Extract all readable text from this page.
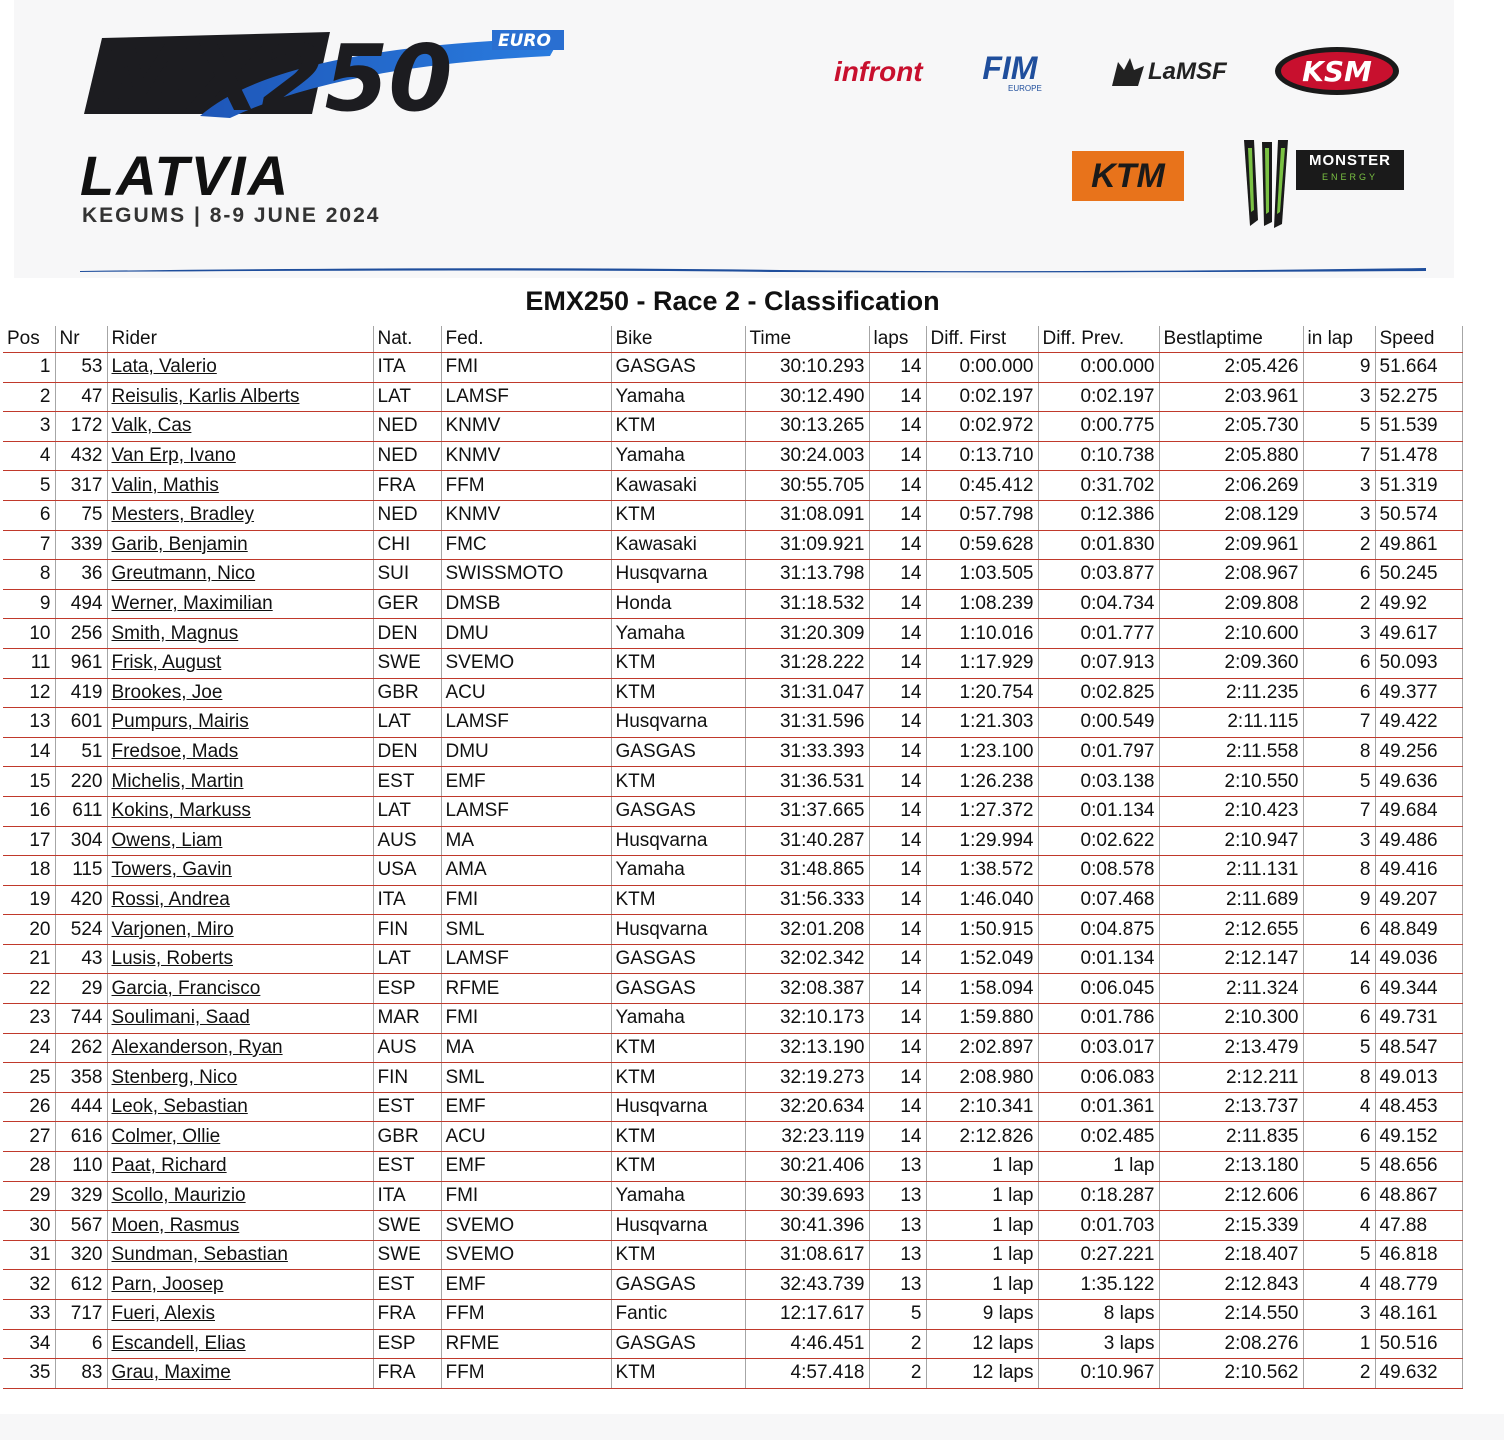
MX250	EURO
LATVIA
KEGUMS | 8-9 JUNE 2024
infront FIM
EUROPE
LaMSF	KSM
KTM	MONSTER
ENERGY
EMX250 - Race 2 - Classification
Pos	Nr	Rider	Nat.	Fed.	Bike	Time	laps	Diff. First	Diff. Prev.	Bestlaptime	in lap	Speed
1	53	Lata, Valerio	ITA	FMI	GASGAS	30:10.293	14	0:00.000	0:00.000	2:05.426	9	51.664
2	47	Reisulis, Karlis Alberts	LAT	LAMSF	Yamaha	30:12.490	14	0:02.197	0:02.197	2:03.961	3	52.275
3	172	Valk, Cas	NED	KNMV	KTM	30:13.265	14	0:02.972	0:00.775	2:05.730	5	51.539
4	432	Van Erp, Ivano	NED	KNMV	Yamaha	30:24.003	14	0:13.710	0:10.738	2:05.880	7	51.478
5	317	Valin, Mathis	FRA	FFM	Kawasaki	30:55.705	14	0:45.412	0:31.702	2:06.269	3	51.319
6	75	Mesters, Bradley	NED	KNMV	KTM	31:08.091	14	0:57.798	0:12.386	2:08.129	3	50.574
7	339	Garib, Benjamin	CHI	FMC	Kawasaki	31:09.921	14	0:59.628	0:01.830	2:09.961	2	49.861
8	36	Greutmann, Nico	SUI	SWISSMOTO	Husqvarna	31:13.798	14	1:03.505	0:03.877	2:08.967	6	50.245
9	494	Werner, Maximilian	GER	DMSB	Honda	31:18.532	14	1:08.239	0:04.734	2:09.808	2	49.92
10	256	Smith, Magnus	DEN	DMU	Yamaha	31:20.309	14	1:10.016	0:01.777	2:10.600	3	49.617
11	961	Frisk, August	SWE	SVEMO	KTM	31:28.222	14	1:17.929	0:07.913	2:09.360	6	50.093
12	419	Brookes, Joe	GBR	ACU	KTM	31:31.047	14	1:20.754	0:02.825	2:11.235	6	49.377
13	601	Pumpurs, Mairis	LAT	LAMSF	Husqvarna	31:31.596	14	1:21.303	0:00.549	2:11.115	7	49.422
14	51	Fredsoe, Mads	DEN	DMU	GASGAS	31:33.393	14	1:23.100	0:01.797	2:11.558	8	49.256
15	220	Michelis, Martin	EST	EMF	KTM	31:36.531	14	1:26.238	0:03.138	2:10.550	5	49.636
16	611	Kokins, Markuss	LAT	LAMSF	GASGAS	31:37.665	14	1:27.372	0:01.134	2:10.423	7	49.684
17	304	Owens, Liam	AUS	MA	Husqvarna	31:40.287	14	1:29.994	0:02.622	2:10.947	3	49.486
18	115	Towers, Gavin	USA	AMA	Yamaha	31:48.865	14	1:38.572	0:08.578	2:11.131	8	49.416
19	420	Rossi, Andrea	ITA	FMI	KTM	31:56.333	14	1:46.040	0:07.468	2:11.689	9	49.207
20	524	Varjonen, Miro	FIN	SML	Husqvarna	32:01.208	14	1:50.915	0:04.875	2:12.655	6	48.849
21	43	Lusis, Roberts	LAT	LAMSF	GASGAS	32:02.342	14	1:52.049	0:01.134	2:12.147	14	49.036
22	29	Garcia, Francisco	ESP	RFME	GASGAS	32:08.387	14	1:58.094	0:06.045	2:11.324	6	49.344
23	744	Soulimani, Saad	MAR	FMI	Yamaha	32:10.173	14	1:59.880	0:01.786	2:10.300	6	49.731
24	262	Alexanderson, Ryan	AUS	MA	KTM	32:13.190	14	2:02.897	0:03.017	2:13.479	5	48.547
25	358	Stenberg, Nico	FIN	SML	KTM	32:19.273	14	2:08.980	0:06.083	2:12.211	8	49.013
26	444	Leok, Sebastian	EST	EMF	Husqvarna	32:20.634	14	2:10.341	0:01.361	2:13.737	4	48.453
27	616	Colmer, Ollie	GBR	ACU	KTM	32:23.119	14	2:12.826	0:02.485	2:11.835	6	49.152
28	110	Paat, Richard	EST	EMF	KTM	30:21.406	13	1 lap	1 lap	2:13.180	5	48.656
29	329	Scollo, Maurizio	ITA	FMI	Yamaha	30:39.693	13	1 lap	0:18.287	2:12.606	6	48.867
30	567	Moen, Rasmus	SWE	SVEMO	Husqvarna	30:41.396	13	1 lap	0:01.703	2:15.339	4	47.88
31	320	Sundman, Sebastian	SWE	SVEMO	KTM	31:08.617	13	1 lap	0:27.221	2:18.407	5	46.818
32	612	Parn, Joosep	EST	EMF	GASGAS	32:43.739	13	1 lap	1:35.122	2:12.843	4	48.779
33	717	Fueri, Alexis	FRA	FFM	Fantic	12:17.617	5	9 laps	8 laps	2:14.550	3	48.161
34	6	Escandell, Elias	ESP	RFME	GASGAS	4:46.451	2	12 laps	3 laps	2:08.276	1	50.516
35	83	Grau, Maxime	FRA	FFM	KTM	4:57.418	2	12 laps	0:10.967	2:10.562	2	49.632
